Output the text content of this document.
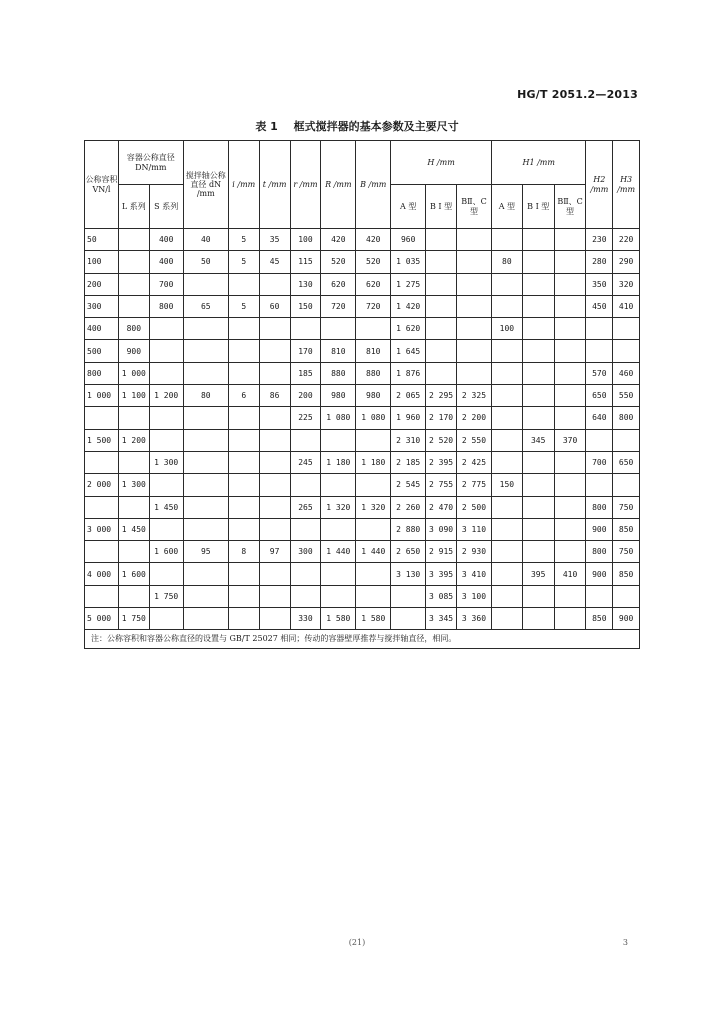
HG/T 2051.2—2013
表 1 框式搅拌器的基本参数及主要尺寸
公称容积 VN/l	容器公称直径 DN/mm		搅拌轴公称直径 dN /mm	i /mm	t /mm	r /mm	R /mm	B /mm	H /mm			H1 /mm			H2 /mm	H3 /mm
	L 系列	S 系列							A 型	B Ⅰ 型	BⅡ、C 型	A 型	B Ⅰ 型	BⅡ、C 型		
50		400	40	5	35	100	420	420	960						230	220
100		400	50	5	45	115	520	520	1 035			80			280	290
200		700				130	620	620	1 275						350	320
300		800	65	5	60	150	720	720	1 420						450	410
400	800								1 620			100				
500	900					170	810	810	1 645							
800	1 000					185	880	880	1 876						570	460
1 000	1 100	1 200	80	6	86	200	980	980	2 065	2 295	2 325				650	550
						225	1 080	1 080	1 960	2 170	2 200				640	800
1 500	1 200								2 310	2 520	2 550		345	370		
		1 300				245	1 180	1 180	2 185	2 395	2 425				700	650
2 000	1 300								2 545	2 755	2 775	150				
		1 450				265	1 320	1 320	2 260	2 470	2 500				800	750
3 000	1 450								2 880	3 090	3 110				900	850
		1 600	95	8	97	300	1 440	1 440	2 650	2 915	2 930				800	750
4 000	1 600								3 130	3 395	3 410		395	410	900	850
		1 750								3 085	3 100					
5 000	1 750					330	1 580	1 580		3 345	3 360				850	900
注：公称容积和容器公称直径的设置与 GB/T 25027 相同；传动的容器壁厚推荐与搅拌轴直径，相同。																
(21)	3
